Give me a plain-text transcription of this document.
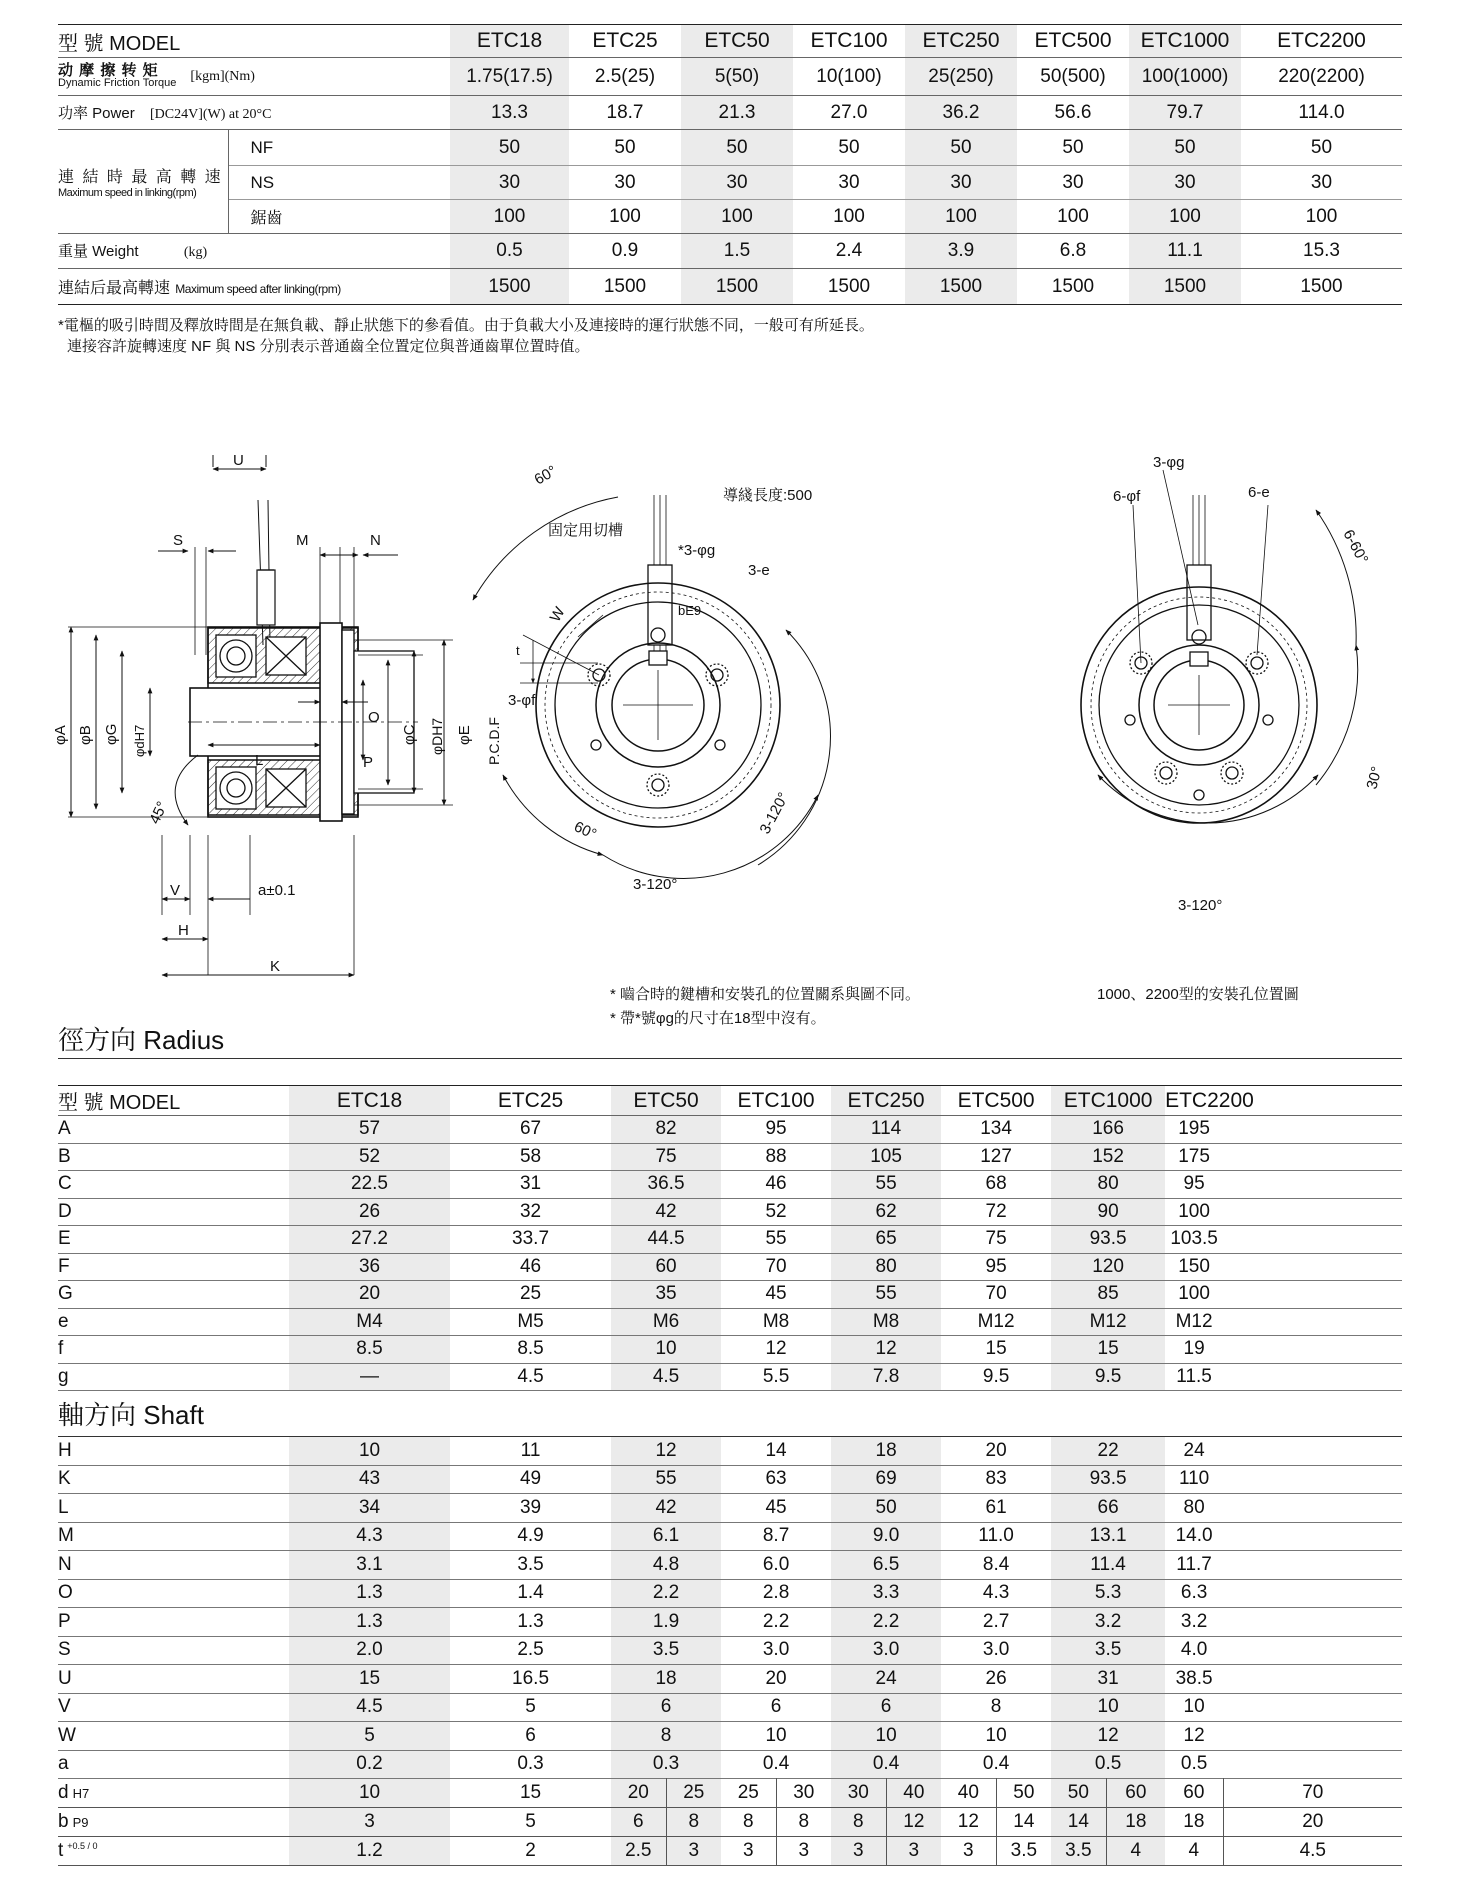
型 號 MODEL		ETC18	ETC25	ETC50	ETC100	ETC250	ETC500	ETC1000	ETC2200

动 摩 擦 转 矩
Dynamic Friction Torque [kgm](Nm)		1.75(17.5)	2.5(25)	5(50)	10(100)	25(250)	50(500)	100(1000)	220(2200)
功率 Power [DC24V](W) at 20°C		13.3	18.7	21.3	27.0	36.2	56.6	79.7	114.0

連 結 時 最 高 轉 速
Maximum speed in linking(rpm)	NF	50	50	50	50	50	50	50	50
	NS	30	30	30	30	30	30	30	30
	鋸齒	100	100	100	100	100	100	100	100
重量 Weight (kg)		0.5	0.9	1.5	2.4	3.9	6.8	11.1	15.3
連結后最高轉速 Maximum speed after linking(rpm)		1500	1500	1500	1500	1500	1500	1500	1500
*電樞的吸引時間及釋放時間是在無負載、靜止狀態下的參看值。由于負載大小及連接時的運行狀態不同，一般可有所延長。
連接容許旋轉速度 NF 與 NS 分別表示普通齒全位置定位與普通齒單位置時值。
U
S	M	N
O
L	P
φA φB φG φdH7	φC φDH7 φE P.C.D.F
45°
V	a±0.1
H
K
60°
固定用切槽
導綫長度:500
*3-φg
3-e
bE9
W
t
3-φf
60°
3-120°
3-120°
3-φg
6-φf	6-e
6-60°
30°
3-120°
* 嚙合時的鍵槽和安裝孔的位置關系與圖不同。
* 帶*號φg的尺寸在18型中沒有。
1000、2200型的安裝孔位置圖
徑方向 Radius
型 號 MODEL	ETC18	ETC25	ETC50		ETC100		ETC250		ETC500		ETC1000		ETC2200	
A	57	67	82		95		114		134		166		195	
B	52	58	75		88		105		127		152		175	
C	22.5	31	36.5		46		55		68		80		95	
D	26	32	42		52		62		72		90		100	
E	27.2	33.7	44.5		55		65		75		93.5		103.5	
F	36	46	60		70		80		95		120		150	
G	20	25	35		45		55		70		85		100	
e	M4	M5	M6		M8		M8		M12		M12		M12	
f	8.5	8.5	10		12		12		15		15		19	
g	—	4.5	4.5		5.5		7.8		9.5		9.5		11.5	
軸方向 Shaft														
H	10	11	12		14		18		20		22		24	
K	43	49	55		63		69		83		93.5		110	
L	34	39	42		45		50		61		66		80	
M	4.3	4.9	6.1		8.7		9.0		11.0		13.1		14.0	
N	3.1	3.5	4.8		6.0		6.5		8.4		11.4		11.7	
O	1.3	1.4	2.2		2.8		3.3		4.3		5.3		6.3	
P	1.3	1.3	1.9		2.2		2.2		2.7		3.2		3.2	
S	2.0	2.5	3.5		3.0		3.0		3.0		3.5		4.0	
U	15	16.5	18		20		24		26		31		38.5	
V	4.5	5	6		6		6		8		10		10	
W	5	6	8		10		10		10		12		12	
a	0.2	0.3	0.3		0.4		0.4		0.4		0.5		0.5	
d H7	10	15	20	25	25	30	30	40	40	50	50	60	60	70
b P9	3	5	6	8	8	8	8	12	12	14	14	18	18	20
t $^{+0.5 / 0}$	1.2	2	2.5	3	3	3	3	3	3	3.5	3.5	4	4	4.5
